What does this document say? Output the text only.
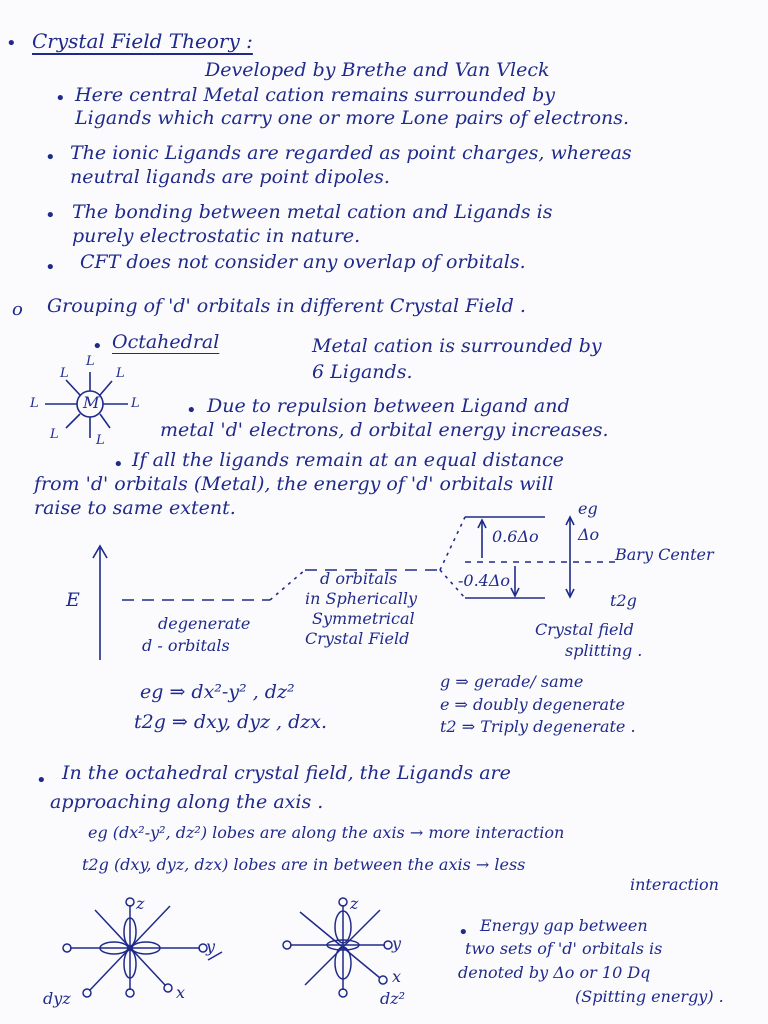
• Crystal Field Theory :
Developed by Brethe and Van Vleck
• Here central Metal cation remains surrounded by
Ligands which carry one or more Lone pairs of electrons.
• The ionic Ligands are regarded as point charges, whereas
neutral ligands are point dipoles.
• The bonding between metal cation and Ligands is
purely electrostatic in nature.
• CFT does not consider any overlap of orbitals.
o Grouping of 'd' orbitals in different Crystal Field .
• Octahedral	Metal cation is surrounded by
6 Ligands.
M
L
L	L
L	L
L	L
• Due to repulsion between Ligand and
metal 'd' electrons, d orbital energy increases.
• If all the ligands remain at an equal distance
from 'd' orbitals (Metal), the energy of 'd' orbitals will
raise to same extent.
E
degenerate
d - orbitals
d orbitals
in Spherically
Symmetrical
Crystal Field
eg
Δo
0.6Δo
-0.4Δo
Bary Center
t2g
Crystal field
splitting .
eg ⇒ dx²-y² , dz²
t2g ⇒ dxy, dyz , dzx.
g ⇒ gerade/ same
e ⇒ doubly degenerate
t2 ⇒ Triply degenerate .
• In the octahedral crystal field, the Ligands are
approaching along the axis .
eg (dx²-y², dz²) lobes are along the axis → more interaction
t2g (dxy, dyz, dzx) lobes are in between the axis → less
interaction
z
y
x
dyz
z
y
x
dz²
• Energy gap between
two sets of 'd' orbitals is
denoted by Δo or 10 Dq
(Spitting energy) .
